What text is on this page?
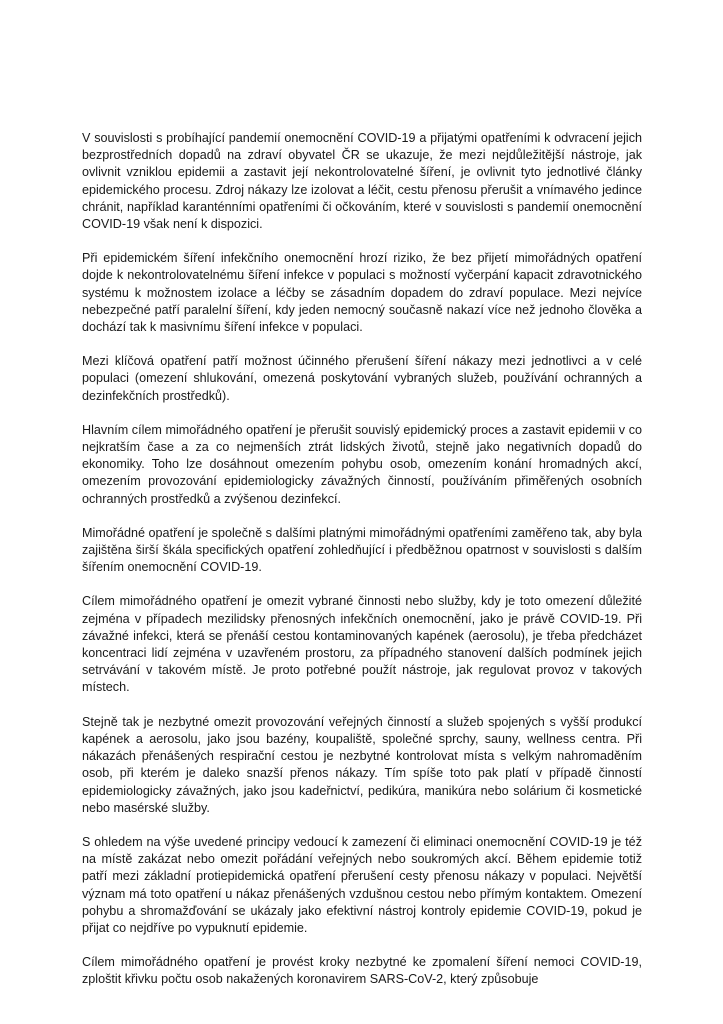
V souvislosti s probíhající pandemií onemocnění COVID-19 a přijatými opatřeními k odvracení jejich bezprostředních dopadů na zdraví obyvatel ČR se ukazuje, že mezi nejdůležitější nástroje, jak ovlivnit vzniklou epidemii a zastavit její nekontrolovatelné šíření, je ovlivnit tyto jednotlivé články epidemického procesu. Zdroj nákazy lze izolovat a léčit, cestu přenosu přerušit a vnímavého jedince chránit, například karanténními opatřeními či očkováním, které v souvislosti s pandemií onemocnění COVID-19 však není k dispozici.

Při epidemickém šíření infekčního onemocnění hrozí riziko, že bez přijetí mimořádných opatření dojde k nekontrolovatelnému šíření infekce v populaci s možností vyčerpání kapacit zdravotnického systému k možnostem izolace a léčby se zásadním dopadem do zdraví populace. Mezi nejvíce nebezpečné patří paralelní šíření, kdy jeden nemocný současně nakazí více než jednoho člověka a dochází tak k masivnímu šíření infekce v populaci.

Mezi klíčová opatření patří možnost účinného přerušení šíření nákazy mezi jednotlivci a v celé populaci (omezení shlukování, omezená poskytování vybraných služeb, používání ochranných a dezinfekčních prostředků).

Hlavním cílem mimořádného opatření je přerušit souvislý epidemický proces a zastavit epidemii v co nejkratším čase a za co nejmenších ztrát lidských životů, stejně jako negativních dopadů do ekonomiky. Toho lze dosáhnout omezením pohybu osob, omezením konání hromadných akcí, omezením provozování epidemiologicky závažných činností, používáním přiměřených osobních ochranných prostředků a zvýšenou dezinfekcí.

Mimořádné opatření je společně s dalšími platnými mimořádnými opatřeními zaměřeno tak, aby byla zajištěna širší škála specifických opatření zohledňující i předběžnou opatrnost v souvislosti s dalším šířením onemocnění COVID-19.

Cílem mimořádného opatření je omezit vybrané činnosti nebo služby, kdy je toto omezení důležité zejména v případech mezilidsky přenosných infekčních onemocnění, jako je právě COVID-19. Při závažné infekci, která se přenáší cestou kontaminovaných kapének (aerosolu), je třeba předcházet koncentraci lidí zejména v uzavřeném prostoru, za případného stanovení dalších podmínek jejich setrvávání v takovém místě. Je proto potřebné použít nástroje, jak regulovat provoz v takových místech.

Stejně tak je nezbytné omezit provozování veřejných činností a služeb spojených s vyšší produkcí kapének a aerosolu, jako jsou bazény, koupaliště, společné sprchy, sauny, wellness centra. Při nákazách přenášených respirační cestou je nezbytné kontrolovat místa s velkým nahromaděním osob, při kterém je daleko snazší přenos nákazy. Tím spíše toto pak platí v případě činností epidemiologicky závažných, jako jsou kadeřnictví, pedikúra, manikúra nebo solárium či kosmetické nebo masérské služby.

S ohledem na výše uvedené principy vedoucí k zamezení či eliminaci onemocnění COVID-19 je též na místě zakázat nebo omezit pořádání veřejných nebo soukromých akcí. Během epidemie totiž patří mezi základní protiepidemická opatření přerušení cesty přenosu nákazy v populaci. Největší význam má toto opatření u nákaz přenášených vzdušnou cestou nebo přímým kontaktem. Omezení pohybu a shromažďování se ukázaly jako efektivní nástroj kontroly epidemie COVID-19, pokud je přijat co nejdříve po vypuknutí epidemie.

Cílem mimořádného opatření je provést kroky nezbytné ke zpomalení šíření nemoci COVID-19, zploštit křivku počtu osob nakažených koronavirem SARS-CoV-2, který způsobuje
